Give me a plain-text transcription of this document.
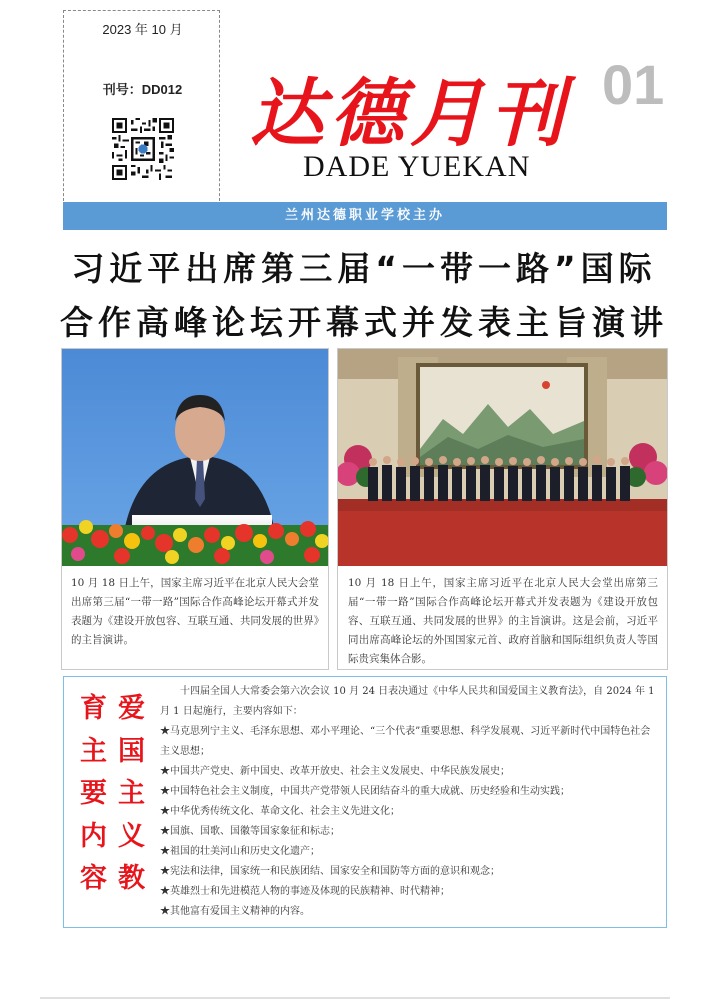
2023 年 10 月
刊号：DD012 达德月刊
DADE YUEKAN
01
兰州达德职业学校主办
习近平出席第三届“一带一路”国际
合作高峰论坛开幕式并发表主旨演讲
10 月 18 日上午，国家主席习近平在北京人民大会堂出席第三届“一带一路”国际合作高峰论坛开幕式并发表题为《建设开放包容、互联互通、共同发展的世界》的主旨演讲。
10 月 18 日上午，国家主席习近平在北京人民大会堂出席第三届“一带一路”国际合作高峰论坛开幕式并发表题为《建设开放包容、互联互通、共同发展的世界》的主旨演讲。这是会前，习近平同出席高峰论坛的外国国家元首、政府首脑和国际组织负责人等国际贵宾集体合影。
育主要内容
爱国主义教

十四届全国人大常委会第六次会议 10 月 24 日表决通过《中华人民共和国爱国主义教育法》，自 2024 年 1 月 1 日起施行，主要内容如下：

★马克思列宁主义、毛泽东思想、邓小平理论、“三个代表”重要思想、科学发展观、习近平新时代中国特色社会主义思想；

★中国共产党史、新中国史、改革开放史、社会主义发展史、中华民族发展史；

★中国特色社会主义制度，中国共产党带领人民团结奋斗的重大成就、历史经验和生动实践；

★中华优秀传统文化、革命文化、社会主义先进文化；

★国旗、国歌、国徽等国家象征和标志；

★祖国的壮美河山和历史文化遗产；

★宪法和法律，国家统一和民族团结、国家安全和国防等方面的意识和观念；

★英雄烈士和先进模范人物的事迹及体现的民族精神、时代精神；

★其他富有爱国主义精神的内容。
